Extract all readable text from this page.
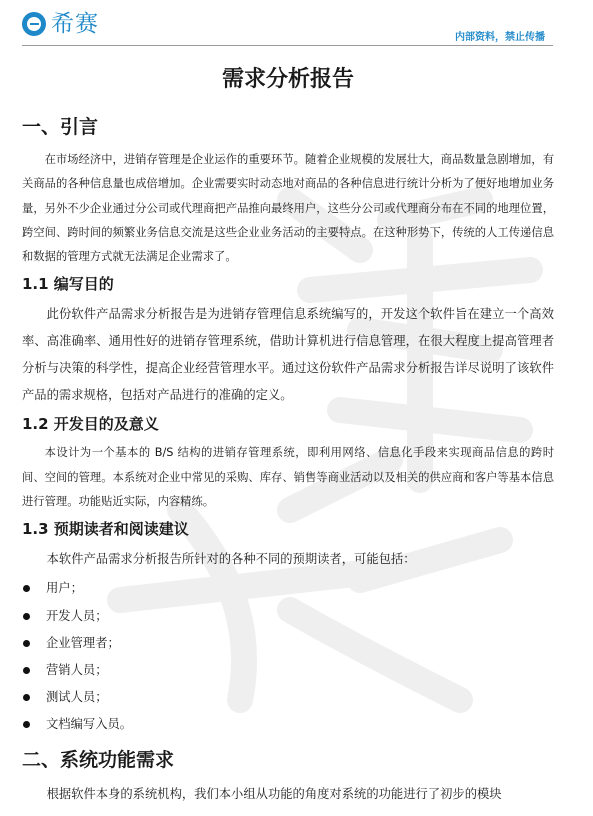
希赛
内部资料，禁止传播
需求分析报告
一、引言

在市场经济中，进销存管理是企业运作的重要环节。随着企业规模的发展壮大，商品数量急剧增加，有关商品的各种信息量也成倍增加。企业需要实时动态地对商品的各种信息进行统计分析为了便好地增加业务量，另外不少企业通过分公司或代理商把产品推向最终用户，这些分公司或代理商分布在不同的地理位置，跨空间、跨时间的频繁业务信息交流是这些企业业务活动的主要特点。在这种形势下，传统的人工传递信息和数据的管理方式就无法满足企业需求了。

1.1 编写目的

此份软件产品需求分析报告是为进销存管理信息系统编写的，开发这个软件旨在建立一个高效率、高准确率、通用性好的进销存管理系统，借助计算机进行信息管理，在很大程度上提高管理者分析与决策的科学性，提高企业经营管理水平。通过这份软件产品需求分析报告详尽说明了该软件产品的需求规格，包括对产品进行的准确的定义。

1.2 开发目的及意义

本设计为一个基本的 B/S 结构的进销存管理系统，即利用网络、信息化手段来实现商品信息的跨时间、空间的管理。本系统对企业中常见的采购、库存、销售等商业活动以及相关的供应商和客户等基本信息进行管理。功能贴近实际，内容精练。

1.3 预期读者和阅读建议

本软件产品需求分析报告所针对的各种不同的预期读者，可能包括：

用户；
开发人员；
企业管理者；
营销人员；
测试人员；
文档编写入员。
二、系统功能需求

根据软件本身的系统机构，我们本小组从功能的角度对系统的功能进行了初步的模块
